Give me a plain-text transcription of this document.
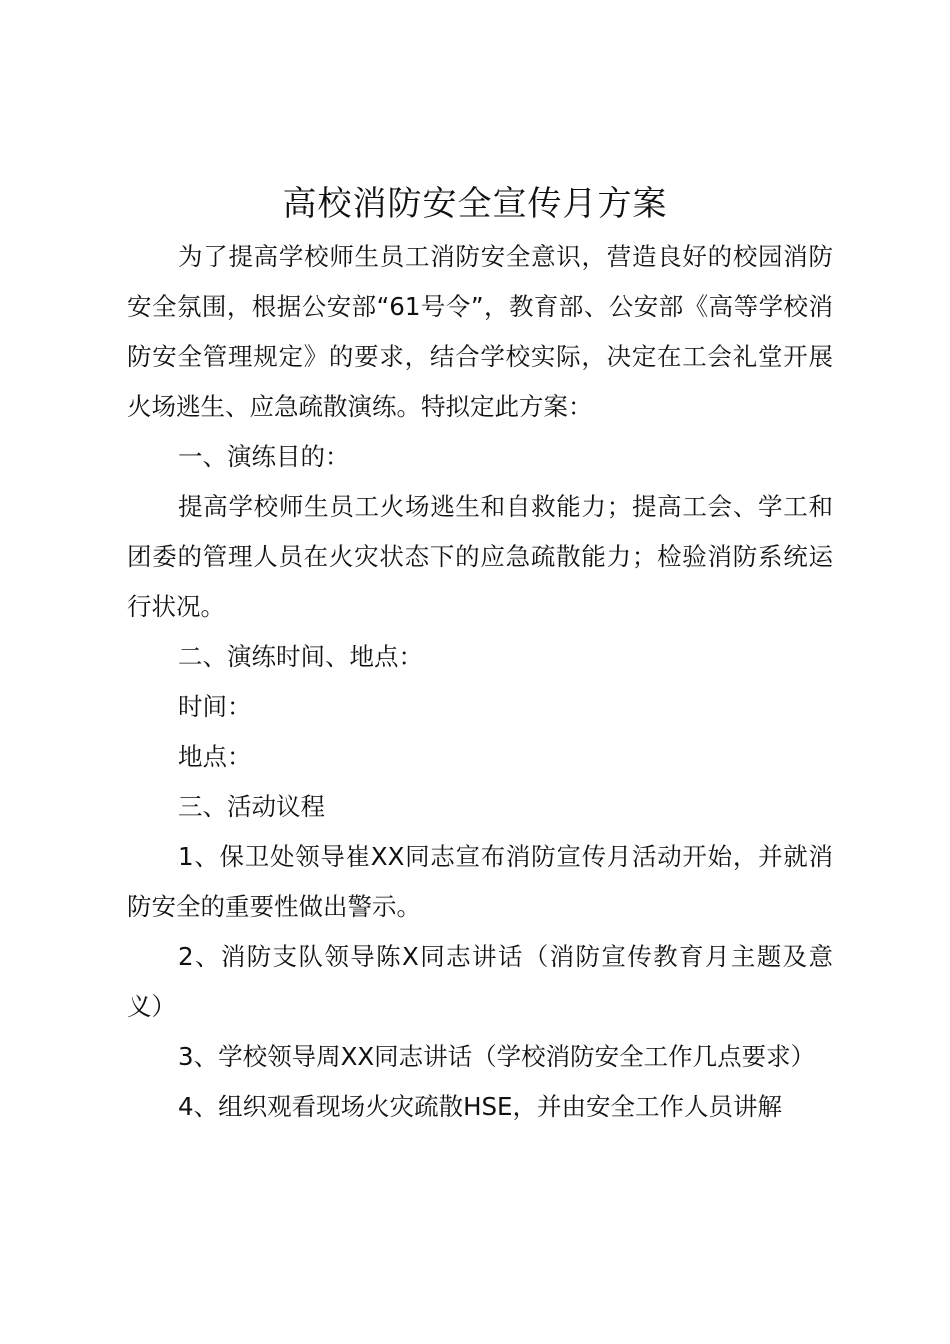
高校消防安全宣传月方案

为了提高学校师生员工消防安全意识，营造良好的校园消防安全氛围，根据公安部“61号令”，教育部、公安部《高等学校消防安全管理规定》的要求，结合学校实际，决定在工会礼堂开展火场逃生、应急疏散演练。特拟定此方案：

一、演练目的：

提高学校师生员工火场逃生和自救能力；提高工会、学工和团委的管理人员在火灾状态下的应急疏散能力；检验消防系统运行状况。

二、演练时间、地点：

时间：

地点：

三、活动议程

1、保卫处领导崔XX同志宣布消防宣传月活动开始，并就消防安全的重要性做出警示。

2、消防支队领导陈X同志讲话（消防宣传教育月主题及意义）

3、学校领导周XX同志讲话（学校消防安全工作几点要求）

4、组织观看现场火灾疏散HSE，并由安全工作人员讲解
